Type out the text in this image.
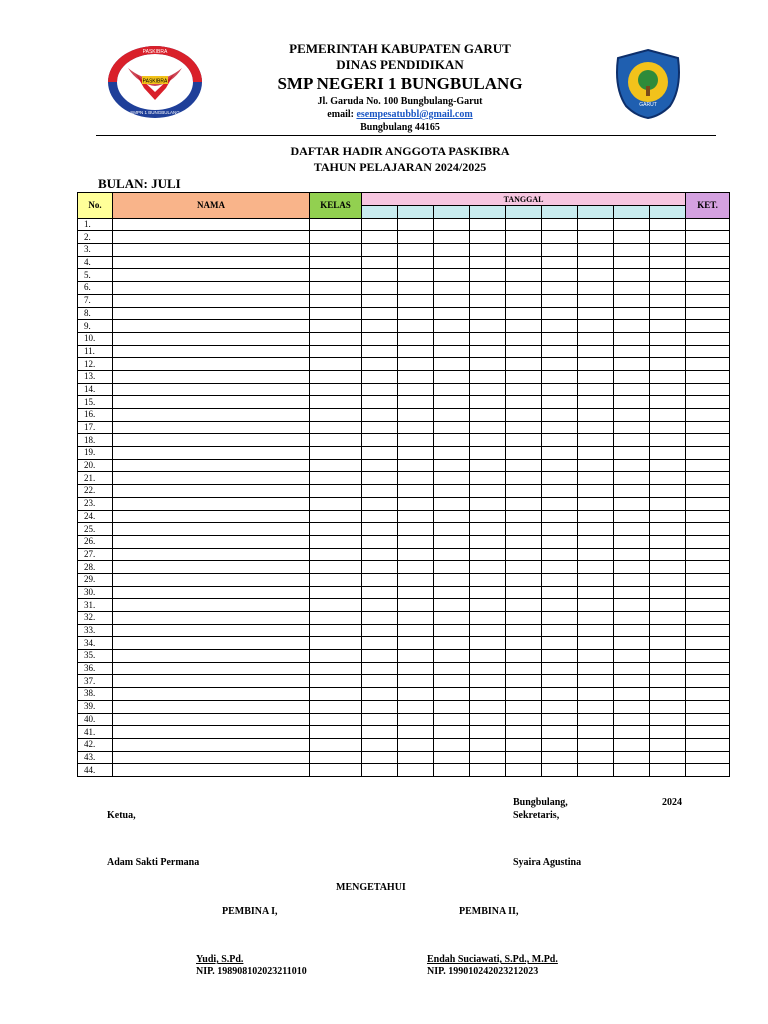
PASKIBRA
PASKIBRA
SMPN 1 BUNGBULANG
GARUT
PEMERINTAH KABUPATEN GARUT
DINAS PENDIDIKAN
SMP NEGERI 1 BUNGBULANG
Jl. Garuda No. 100 Bungbulang-Garut
email: esempesatubbl@gmail.com
Bungbulang 44165
DAFTAR HADIR ANGGOTA PASKIBRA
TAHUN PELAJARAN 2024/2025
BULAN: JULI
No.	NAMA	KELAS	TANGGAL									KET.

1.												
2.												
3.												
4.												
5.												
6.												
7.												
8.												
9.												
10.												
11.												
12.												
13.												
14.												
15.												
16.												
17.												
18.												
19.												
20.												
21.												
22.												
23.												
24.												
25.												
26.												
27.												
28.												
29.												
30.												
31.												
32.												
33.												
34.												
35.												
36.												
37.												
38.												
39.												
40.												
41.												
42.												
43.												
44.												
Bungbulang,	2024
Ketua,	Sekretaris,
Adam Sakti Permana	Syaira Agustina
MENGETAHUI
PEMBINA I,	PEMBINA II,
Yudi, S.Pd.
NIP. 198908102023211010
Endah Suciawati, S.Pd., M.Pd.
NIP. 199010242023212023
